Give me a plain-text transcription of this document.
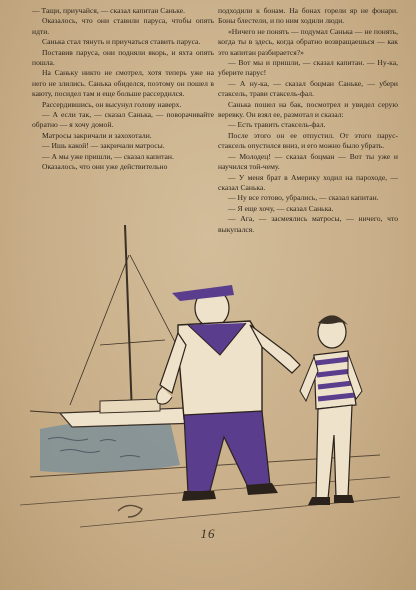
— Тащи, приучайся, — сказал капитан Саньке.

Оказалось, что они ставили паруса, чтобы опять идти.

Санька стал тянуть и приучаться ставить паруса.

Поставив паруса, они подняли якорь, и яхта опять пошла.

На Саньку никто не смотрел, хотя теперь уже на него не злились. Санька обиделся, поэтому он пошел в каюту, посидел там и еще больше рассердился.

Рассердившись, он высунул голову наверх.

— А если так, — сказал Санька, — поворачивайте обратно — я хочу домой.

Матросы закричали и захохотали.

— Ишь какой! — закричали матросы.

— А мы уже пришли, — сказал капитан.

Оказалось, что они уже действительно

подходили к бонам. На бонах горели яр не фонари. Боны блестели, и по ним ходили люди.

«Ничего не понять — подумал Санька — не понять, когда ты в здесь, когда обратно возвращаешься — как это капитан разбирается?»

— Вот мы и пришли, — сказал капитан. — Ну-ка, уберите парус!

— А ну-ка, — сказал боцман Саньке, — убери стаксель, трави стаксель-фал.

Санька пошел на бак, посмотрел и увидел серую веревку. Он взял ее, размотал и сказал:

— Есть травить стаксель-фал.

После этого он ее отпустил. От этого парус-стаксель опустился вниз, и его можно было убрать.

— Молодец! — сказал боцман — Вот ты уже и научился той-чему.

— У меня брат в Америку ходил на пароходе, — сказал Санька.

— Ну все готово, убрались, — сказал капитан.

— Я еще хочу, — сказал Санька.

— Ага, — засмеялись матросы, — ничего, что выкупался.

16
